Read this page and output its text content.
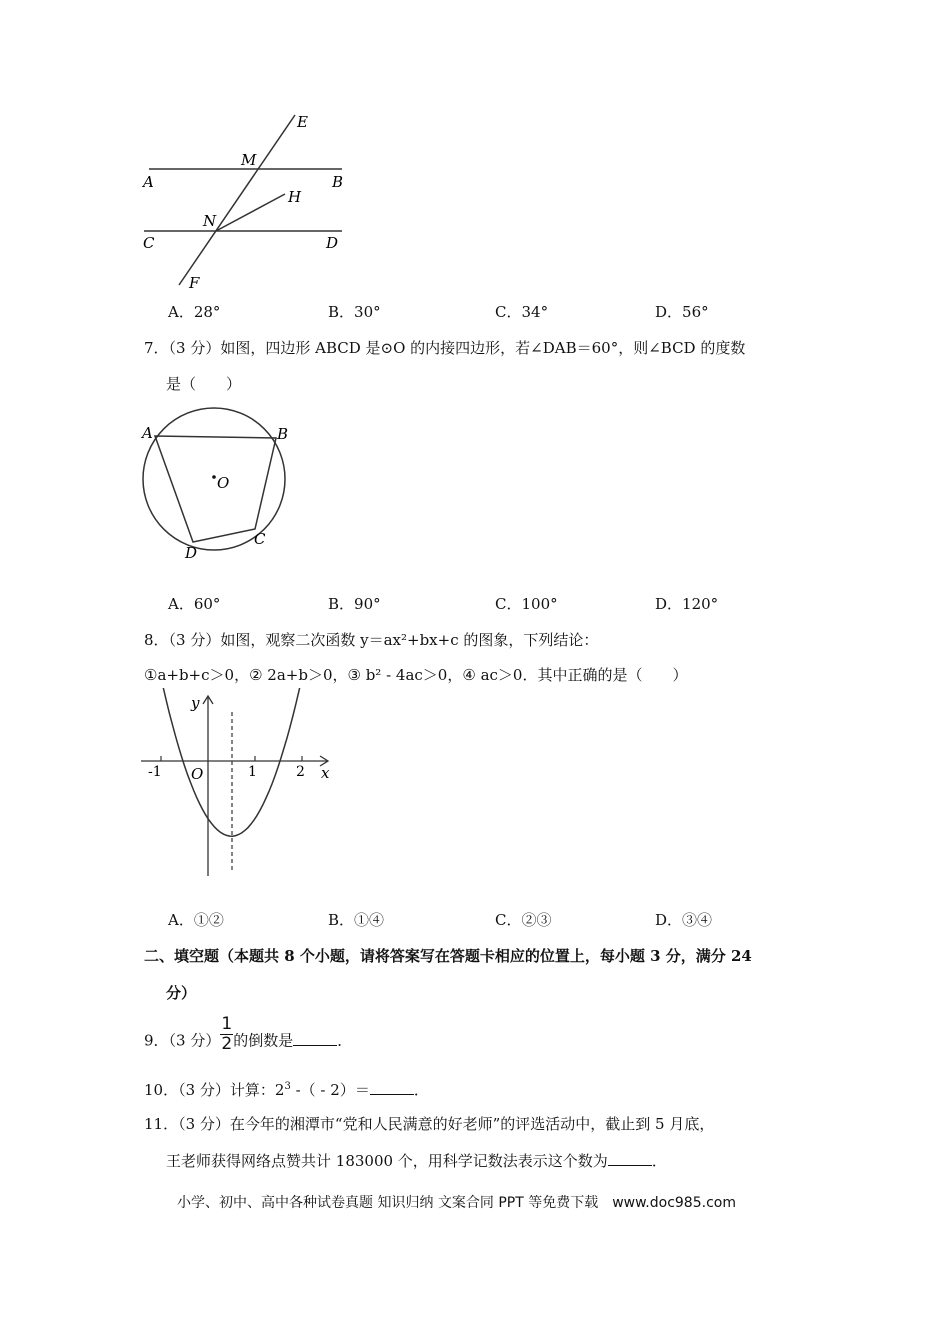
E
M
A	B
N
H
C	D
F
A．28°	B．30°	C．34°	D．56°
7．（3 分）如图，四边形 ABCD 是⊙O 的内接四边形，若∠DAB＝60°，则∠BCD 的度数
是（　　）
A	B
C
D
O
A．60°	B．90°	C．100°	D．120°
8．（3 分）如图，观察二次函数 y＝ax²+bx+c 的图象，下列结论：
①a+b+c＞0，② 2a+b＞0，③ b² - 4ac＞0，④ ac＞0．其中正确的是（　　）
y
x
O
-1	1	2
A．①②	B．①④	C．②③	D．③④
二、填空题（本题共 8 个小题，请将答案写在答题卡相应的位置上，每小题 3 分，满分 24
分）
9．（3 分） $\frac{1}{2}$ 的倒数是	．
10．（3 分）计算：$2^3$ -（ - 2）＝	．
11．（3 分）在今年的湘潭市“党和人民满意的好老师”的评选活动中，截止到 5 月底，
王老师获得网络点赞共计 183000 个，用科学记数法表示这个数为	．
小学、初中、高中各种试卷真题 知识归纳 文案合同 PPT 等免费下载　www.doc985.com
